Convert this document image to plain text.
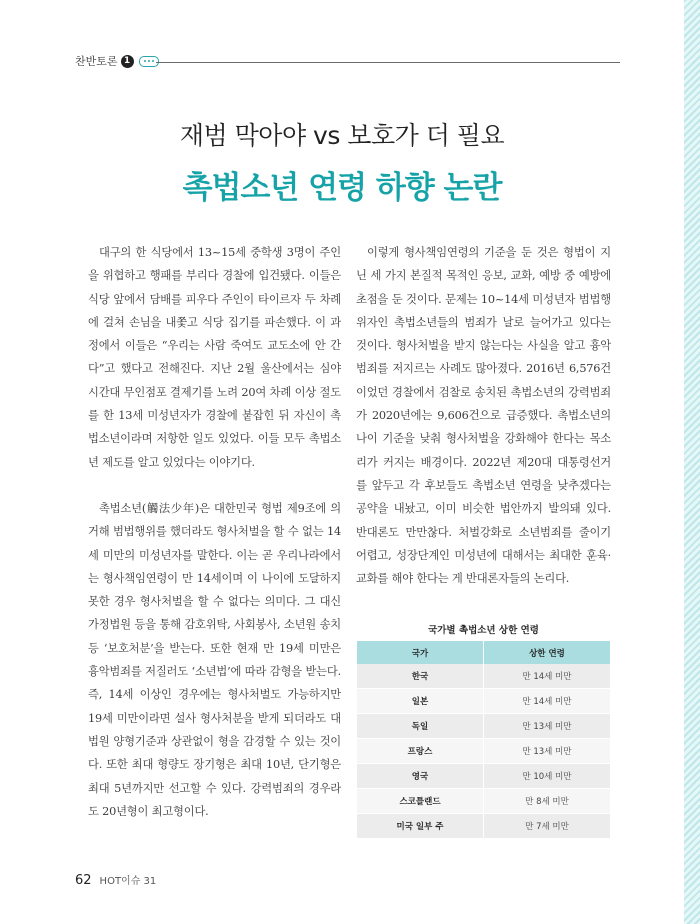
찬반토론 1
재범 막아야 vs 보호가 더 필요
촉법소년 연령 하향 논란

대구의 한 식당에서 13~15세 중학생 3명이 주인을 위협하고 행패를 부리다 경찰에 입건됐다. 이들은 식당 앞에서 담배를 피우다 주인이 타이르자 두 차례에 걸쳐 손님을 내쫓고 식당 집기를 파손했다. 이 과정에서 이들은 “우리는 사람 죽여도 교도소에 안 간다”고 했다고 전해진다. 지난 2월 울산에서는 심야 시간대 무인점포 결제기를 노려 20여 차례 이상 절도를 한 13세 미성년자가 경찰에 붙잡힌 뒤 자신이 촉법소년이라며 저항한 일도 있었다. 이들 모두 촉법소년 제도를 알고 있었다는 이야기다.

촉법소년(觸法少年)은 대한민국 형법 제9조에 의거해 범법행위를 했더라도 형사처벌을 할 수 없는 14세 미만의 미성년자를 말한다. 이는 곧 우리나라에서는 형사책임연령이 만 14세이며 이 나이에 도달하지 못한 경우 형사처벌을 할 수 없다는 의미다. 그 대신 가정법원 등을 통해 감호위탁, 사회봉사, 소년원 송치 등 ‘보호처분’을 받는다. 또한 현재 만 19세 미만은 흉악범죄를 저질러도 ‘소년법’에 따라 감형을 받는다. 즉, 14세 이상인 경우에는 형사처벌도 가능하지만 19세 미만이라면 설사 형사처분을 받게 되더라도 대법원 양형기준과 상관없이 형을 감경할 수 있는 것이다. 또한 최대 형량도 장기형은 최대 10년, 단기형은 최대 5년까지만 선고할 수 있다. 강력범죄의 경우라도 20년형이 최고형이다.

이렇게 형사책임연령의 기준을 둔 것은 형법이 지닌 세 가지 본질적 목적인 응보, 교화, 예방 중 예방에 초점을 둔 것이다. 문제는 10~14세 미성년자 범법행위자인 촉법소년들의 범죄가 날로 늘어가고 있다는 것이다. 형사처벌을 받지 않는다는 사실을 알고 흉악범죄를 저지르는 사례도 많아졌다. 2016년 6,576건이었던 경찰에서 검찰로 송치된 촉법소년의 강력범죄가 2020년에는 9,606건으로 급증했다. 촉법소년의 나이 기준을 낮춰 형사처벌을 강화해야 한다는 목소리가 커지는 배경이다. 2022년 제20대 대통령선거를 앞두고 각 후보들도 촉법소년 연령을 낮추겠다는 공약을 내놨고, 이미 비슷한 법안까지 발의돼 있다. 반대론도 만만찮다. 처벌강화로 소년범죄를 줄이기 어렵고, 성장단계인 미성년에 대해서는 최대한 훈육·교화를 해야 한다는 게 반대론자들의 논리다.

국가별 촉법소년 상한 연령
국가	상한 연령
한국	만 14세 미만
일본	만 14세 미만
독일	만 13세 미만
프랑스	만 13세 미만
영국	만 10세 미만
스코틀랜드	만 8세 미만
미국 일부 주	만 7세 미만
62 HOT이슈 31
